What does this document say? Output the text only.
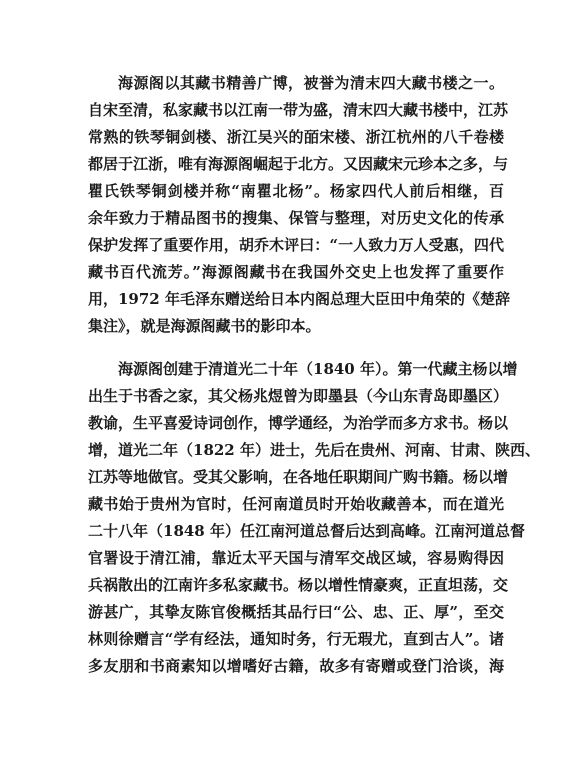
海源阁以其藏书精善广博，被誉为清末四大藏书楼之一。
自宋至清，私家藏书以江南一带为盛，清末四大藏书楼中，江苏
常熟的铁琴铜剑楼、浙江吴兴的皕宋楼、浙江杭州的八千卷楼
都居于江浙，唯有海源阁崛起于北方。又因藏宋元珍本之多，与
瞿氏铁琴铜剑楼并称“南瞿北杨”。杨家四代人前后相继，百
余年致力于精品图书的搜集、保管与整理，对历史文化的传承
保护发挥了重要作用，胡乔木评曰：“一人致力万人受惠，四代
藏书百代流芳。”海源阁藏书在我国外交史上也发挥了重要作
用，1972 年毛泽东赠送给日本内阁总理大臣田中角荣的《楚辞
集注》，就是海源阁藏书的影印本。
海源阁创建于清道光二十年（1840 年）。第一代藏主杨以增
出生于书香之家，其父杨兆煜曾为即墨县（今山东青岛即墨区）
教谕，生平喜爱诗词创作，博学通经，为治学而多方求书。杨以
增，道光二年（1822 年）进士，先后在贵州、河南、甘肃、陕西、
江苏等地做官。受其父影响，在各地任职期间广购书籍。杨以增
藏书始于贵州为官时，任河南道员时开始收藏善本，而在道光
二十八年（1848 年）任江南河道总督后达到高峰。江南河道总督
官署设于清江浦，靠近太平天国与清军交战区域，容易购得因
兵祸散出的江南许多私家藏书。杨以增性情豪爽，正直坦荡，交
游甚广，其挚友陈官俊概括其品行曰“公、忠、正、厚”，至交
林则徐赠言“学有经法，通知时务，行无瑕尤，直到古人”。诸
多友朋和书商素知以增嗜好古籍，故多有寄赠或登门洽谈，海
